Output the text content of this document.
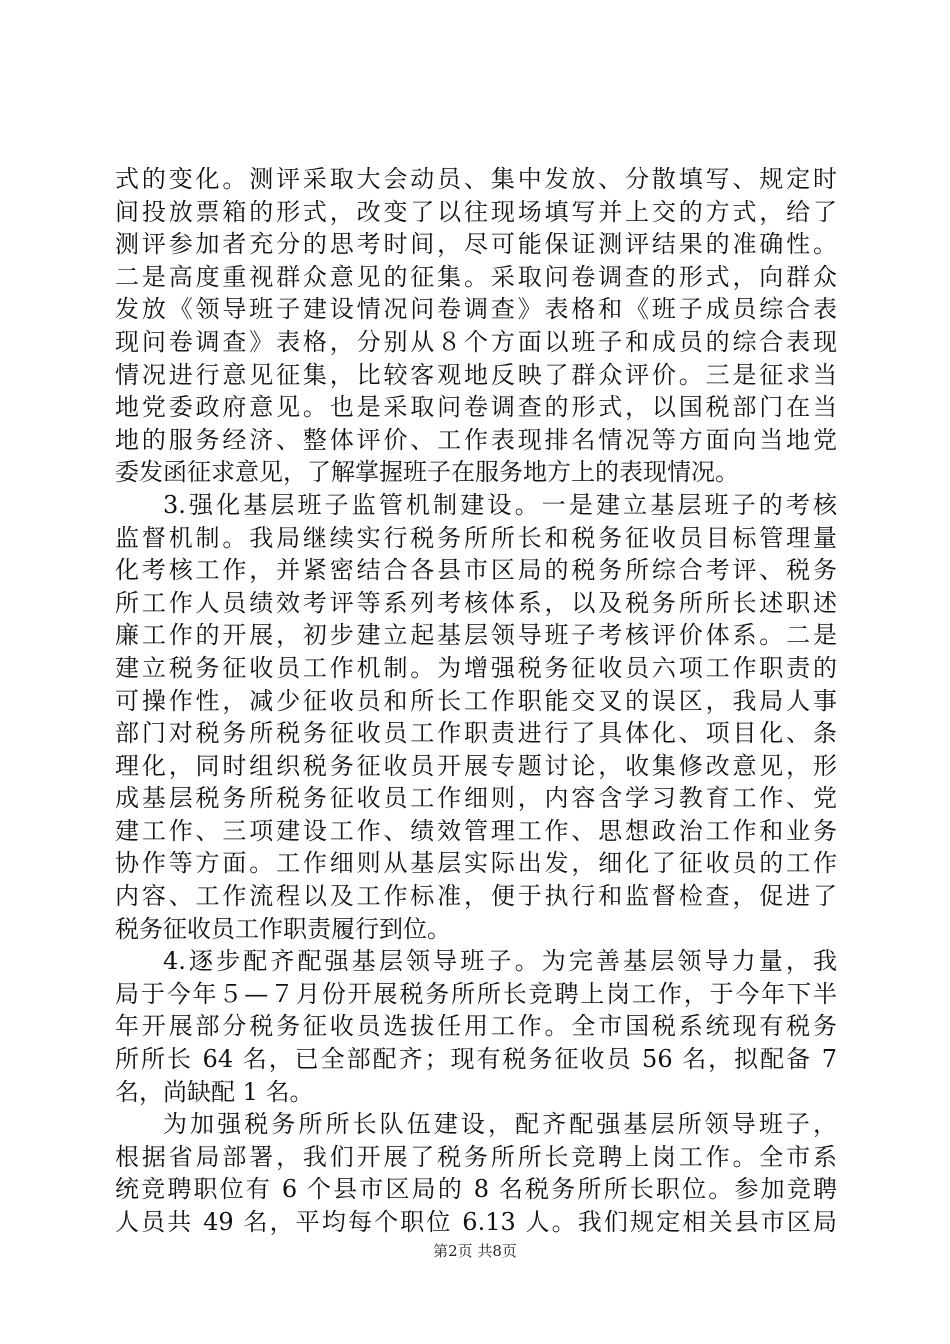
式的变化。测评采取大会动员、集中发放、分散填写、规定时
间投放票箱的形式，改变了以往现场填写并上交的方式，给了
测评参加者充分的思考时间，尽可能保证测评结果的准确性。
二是高度重视群众意见的征集。采取问卷调查的形式，向群众
发放《领导班子建设情况问卷调查》表格和《班子成员综合表
现问卷调查》表格，分别从８个方面以班子和成员的综合表现
情况进行意见征集，比较客观地反映了群众评价。三是征求当
地党委政府意见。也是采取问卷调查的形式，以国税部门在当
地的服务经济、整体评价、工作表现排名情况等方面向当地党
委发函征求意见，了解掌握班子在服务地方上的表现情况。
3.强化基层班子监管机制建设。一是建立基层班子的考核
监督机制。我局继续实行税务所所长和税务征收员目标管理量
化考核工作，并紧密结合各县市区局的税务所综合考评、税务
所工作人员绩效考评等系列考核体系，以及税务所所长述职述
廉工作的开展，初步建立起基层领导班子考核评价体系。二是
建立税务征收员工作机制。为增强税务征收员六项工作职责的
可操作性，减少征收员和所长工作职能交叉的误区，我局人事
部门对税务所税务征收员工作职责进行了具体化、项目化、条
理化，同时组织税务征收员开展专题讨论，收集修改意见，形
成基层税务所税务征收员工作细则，内容含学习教育工作、党
建工作、三项建设工作、绩效管理工作、思想政治工作和业务
协作等方面。工作细则从基层实际出发，细化了征收员的工作
内容、工作流程以及工作标准，便于执行和监督检查，促进了
税务征收员工作职责履行到位。
4.逐步配齐配强基层领导班子。为完善基层领导力量，我
局于今年５—７月份开展税务所所长竞聘上岗工作，于今年下半
年开展部分税务征收员选拔任用工作。全市国税系统现有税务
所所长 64 名，已全部配齐；现有税务征收员 56 名，拟配备 7
名，尚缺配 1 名。
为加强税务所所长队伍建设，配齐配强基层所领导班子，
根据省局部署，我们开展了税务所所长竞聘上岗工作。全市系
统竞聘职位有 6 个县市区局的 8 名税务所所长职位。参加竞聘
人员共 49 名，平均每个职位 6.13 人。我们规定相关县市区局
第2页 共8页
